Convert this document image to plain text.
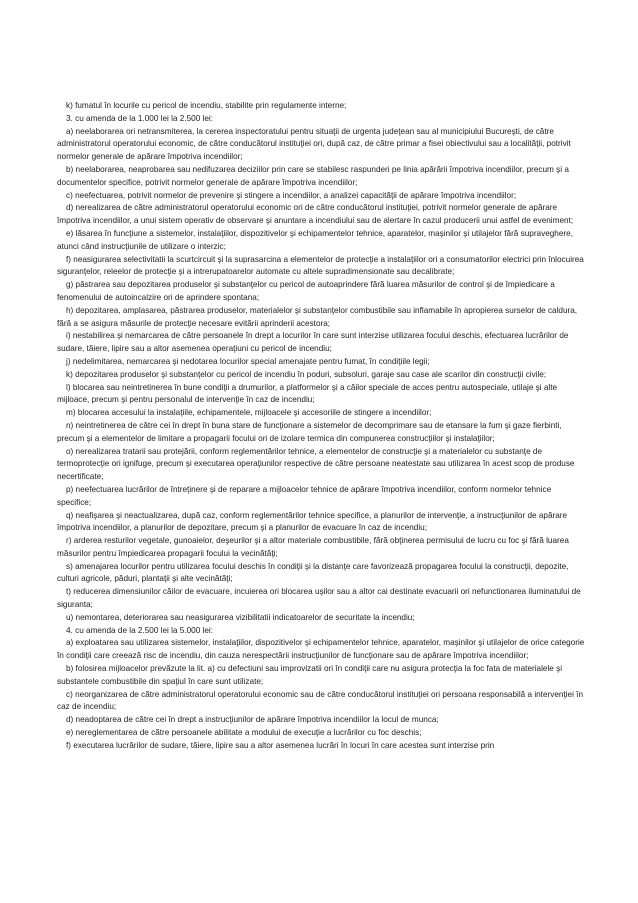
k) fumatul în locurile cu pericol de incendiu, stabilite prin regulamente interne;

3. cu amenda de la 1.000 lei la 2.500 lei:

a) neelaborarea ori netransmiterea, la cererea inspectoratului pentru situaţii de urgenta judeţean sau al municipiului Bucureşti, de către administratorul operatorului economic, de către conducătorul instituţiei ori, după caz, de către primar a fisei obiectivului sau a localităţii, potrivit normelor generale de apărare împotriva incendiilor;

b) neelaborarea, neaprobarea sau nedifuzarea deciziilor prin care se stabilesc raspunderi pe linia apărării împotriva incendiilor, precum şi a documentelor specifice, potrivit normelor generale de apărare împotriva incendiilor;

c) neefectuarea, potrivit normelor de prevenire şi stingere a incendiilor, a analizei capacităţii de apărare împotriva incendiilor;

d) nerealizarea de către administratorul operatorului economic ori de către conducătorul instituţiei, potrivit normelor generale de apărare împotriva incendiilor, a unui sistem operativ de observare şi anuntare a incendiului sau de alertare în cazul producerii unui astfel de eveniment;

e) lăsarea în funcţiune a sistemelor, instalaţiilor, dispozitivelor şi echipamentelor tehnice, aparatelor, maşinilor şi utilajelor fără supraveghere, atunci când instrucţiunile de utilizare o interzic;

f) neasigurarea selectivitatii la scurtcircuit şi la suprasarcina a elementelor de protecţie a instalaţiilor ori a consumatorilor electrici prin înlocuirea siguranţelor, releelor de protecţie şi a intrerupatoarelor automate cu altele supradimensionate sau decalibrate;

g) păstrarea sau depozitarea produselor şi substanţelor cu pericol de autoaprindere fără luarea măsurilor de control şi de împiedicare a fenomenului de autoincalzire ori de aprindere spontana;

h) depozitarea, amplasarea, păstrarea produselor, materialelor şi substanţelor combustibile sau inflamabile în apropierea surselor de caldura, fără a se asigura măsurile de protecţie necesare evitării aprinderii acestora;

i) nestabilirea şi nemarcarea de către persoanele în drept a locurilor în care sunt interzise utilizarea focului deschis, efectuarea lucrărilor de sudare, tăiere, lipire sau a altor asemenea operaţiuni cu pericol de incendiu;

j) nedelimitarea, nemarcarea şi nedotarea locurilor special amenajate pentru fumat, în condiţiile legii;

k) depozitarea produselor şi substanţelor cu pericol de incendiu în poduri, subsoluri, garaje sau case ale scarilor din construcţii civile;

l) blocarea sau neintretinerea în bune condiţii a drumurilor, a platformelor şi a căilor speciale de acces pentru autospeciale, utilaje şi alte mijloace, precum şi pentru personalul de intervenţie în caz de incendiu;

m) blocarea accesului la instalaţiile, echipamentele, mijloacele şi accesoriile de stingere a incendiilor;

n) neintretinerea de către cei în drept în buna stare de funcţionare a sistemelor de decomprimare sau de etansare la fum şi gaze fierbinti, precum şi a elementelor de limitare a propagarii focului ori de izolare termica din compunerea construcţiilor şi instalaţiilor;

o) nerealizarea tratarii sau protejării, conform reglementărilor tehnice, a elementelor de construcţie şi a materialelor cu substanţe de termoprotecţie ori ignifuge, precum şi executarea operaţiunilor respective de către persoane neatestate sau utilizarea în acest scop de produse necertificate;

p) neefectuarea lucrărilor de întreţinere şi de reparare a mijloacelor tehnice de apărare împotriva incendiilor, conform normelor tehnice specifice;

q) neafişarea şi neactualizarea, după caz, conform reglementărilor tehnice specifice, a planurilor de intervenţie, a instrucţiunilor de apărare împotriva incendiilor, a planurilor de depozitare, precum şi a planurilor de evacuare în caz de incendiu;

r) arderea resturilor vegetale, gunoaielor, deşeurilor şi a altor materiale combustibile, fără obţinerea permisului de lucru cu foc şi fără luarea măsurilor pentru împiedicarea propagarii focului la vecinătăţi;

s) amenajarea locurilor pentru utilizarea focului deschis în condiţii şi la distanţe care favorizează propagarea focului la construcţii, depozite, culturi agricole, păduri, plantaţii şi alte vecinătăţi;

t) reducerea dimensiunilor căilor de evacuare, incuierea ori blocarea uşilor sau a altor cai destinate evacuarii ori nefunctionarea iluminatului de siguranta;

u) nemontarea, deteriorarea sau neasigurarea vizibilitatii indicatoarelor de securitate la incendiu;

4. cu amenda de la 2.500 lei la 5.000 lei:

a) exploatarea sau utilizarea sistemelor, instalaţiilor, dispozitivelor şi echipamentelor tehnice, aparatelor, maşinilor şi utilajelor de orice categorie în condiţii care creează risc de incendiu, din cauza nerespectării instrucţiunilor de funcţionare sau de apărare împotriva incendiilor;

b) folosirea mijloacelor prevăzute la lit. a) cu defectiuni sau improvizatii ori în condiţii care nu asigura protecţia la foc fata de materialele şi substantele combustibile din spaţiul în care sunt utilizate;

c) neorganizarea de către administratorul operatorului economic sau de către conducătorul instituţiei ori persoana responsabilă a intervenţiei în caz de incendiu;

d) neadoptarea de către cei în drept a instrucţiunilor de apărare împotriva incendiilor la locul de munca;

e) nereglementarea de către persoanele abilitate a modului de execuţie a lucrărilor cu foc deschis;

f) executarea lucrărilor de sudare, tăiere, lipire sau a altor asemenea lucrări în locuri în care acestea sunt interzise prin
